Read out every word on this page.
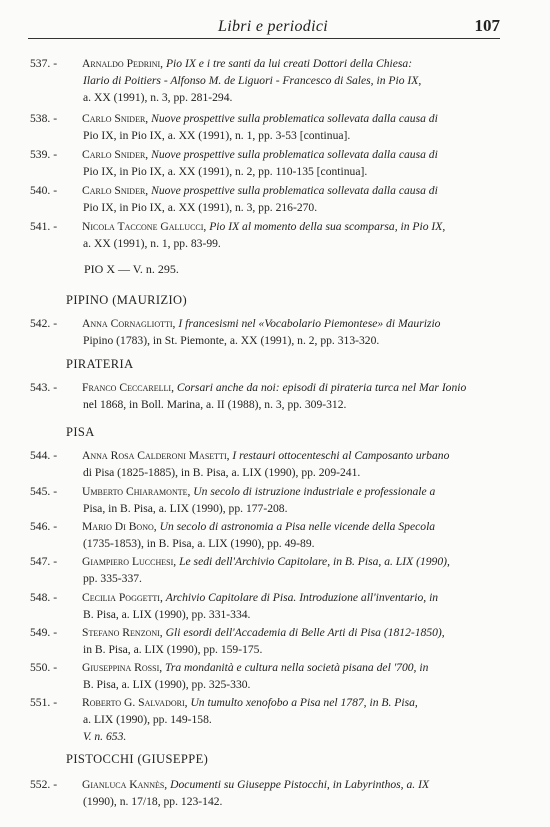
Libri e periodici	107
537. - Arnaldo Pedrini, Pio IX e i tre santi da lui creati Dottori della Chiesa:
Ilario di Poitiers - Alfonso M. de Liguori - Francesco di Sales, in Pio IX,
a. XX (1991), n. 3, pp. 281-294.
538. - Carlo Snider, Nuove prospettive sulla problematica sollevata dalla causa di
Pio IX, in Pio IX, a. XX (1991), n. 1, pp. 3-53 [continua].
539. - Carlo Snider, Nuove prospettive sulla problematica sollevata dalla causa di
Pio IX, in Pio IX, a. XX (1991), n. 2, pp. 110-135 [continua].
540. - Carlo Snider, Nuove prospettive sulla problematica sollevata dalla causa di
Pio IX, in Pio IX, a. XX (1991), n. 3, pp. 216-270.
541. - Nicola Taccone Gallucci, Pio IX al momento della sua scomparsa, in Pio IX,
a. XX (1991), n. 1, pp. 83-99.
PIO X — V. n. 295.
PIPINO (MAURIZIO)
542. - Anna Cornagliotti, I francesismi nel «Vocabolario Piemontese» di Maurizio
Pipino (1783), in St. Piemonte, a. XX (1991), n. 2, pp. 313-320.
PIRATERIA
543. - Franco Ceccarelli, Corsari anche da noi: episodi di pirateria turca nel Mar Ionio
nel 1868, in Boll. Marina, a. II (1988), n. 3, pp. 309-312.
PISA
544. - Anna Rosa Calderoni Masetti, I restauri ottocenteschi al Camposanto urbano
di Pisa (1825-1885), in B. Pisa, a. LIX (1990), pp. 209-241.
545. - Umberto Chiaramonte, Un secolo di istruzione industriale e professionale a
Pisa, in B. Pisa, a. LIX (1990), pp. 177-208.
546. - Mario Di Bono, Un secolo di astronomia a Pisa nelle vicende della Specola
(1735-1853), in B. Pisa, a. LIX (1990), pp. 49-89.
547. - Giampiero Lucchesi, Le sedi dell'Archivio Capitolare, in B. Pisa, a. LIX (1990),
pp. 335-337.
548. - Cecilia Poggetti, Archivio Capitolare di Pisa. Introduzione all'inventario, in
B. Pisa, a. LIX (1990), pp. 331-334.
549. - Stefano Renzoni, Gli esordi dell'Accademia di Belle Arti di Pisa (1812-1850),
in B. Pisa, a. LIX (1990), pp. 159-175.
550. - Giuseppina Rossi, Tra mondanità e cultura nella società pisana del '700, in
B. Pisa, a. LIX (1990), pp. 325-330.
551. - Roberto G. Salvadori, Un tumulto xenofobo a Pisa nel 1787, in B. Pisa,
a. LIX (1990), pp. 149-158.
V. n. 653.
PISTOCCHI (GIUSEPPE)
552. - Gianluca Kannès, Documenti su Giuseppe Pistocchi, in Labyrinthos, a. IX
(1990), n. 17/18, pp. 123-142.
